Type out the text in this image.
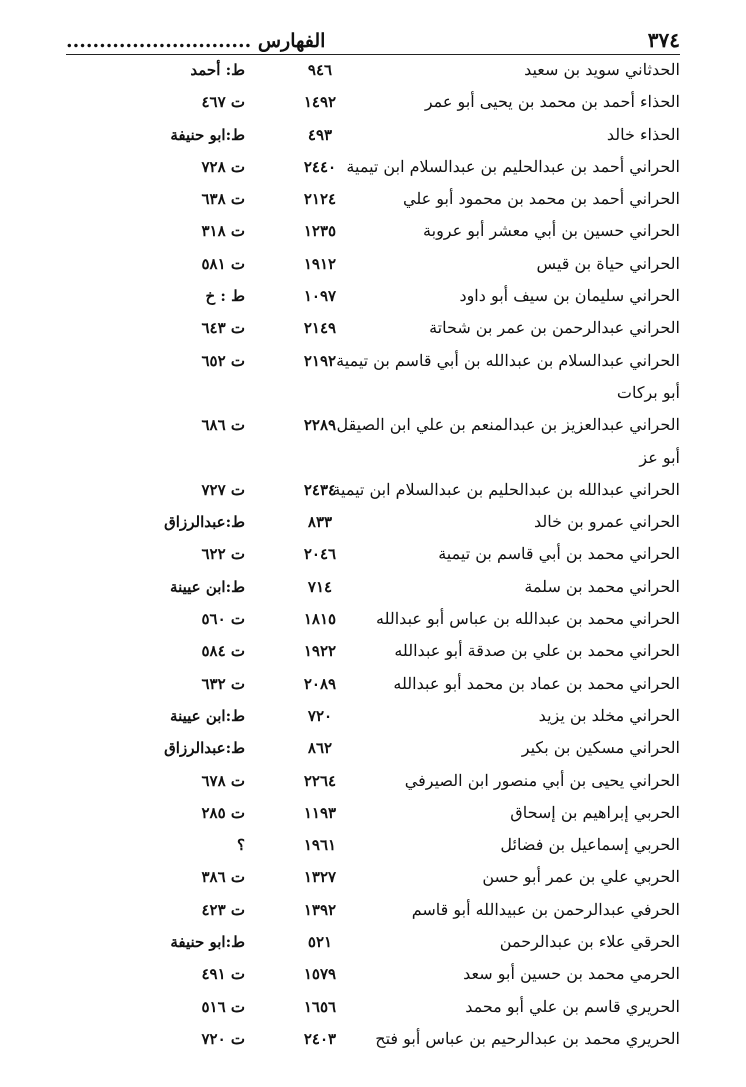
٣٧٤
الفهارس ............................
الحدثاني سويد بن سعيد
٩٤٦
ط: أحمد
الحذاء أحمد بن محمد بن يحيى أبو عمر
١٤٩٢
ت ٤٦٧
الحذاء خالد
٤٩٣
ط:ابو حنيفة
الحراني أحمد بن عبدالحليم بن عبدالسلام ابن تيمية
٢٤٤٠
ت ٧٢٨
الحراني أحمد بن محمد بن محمود أبو علي
٢١٢٤
ت ٦٣٨
الحراني حسين بن أبي معشر أبو عروبة
١٢٣٥
ت ٣١٨
الحراني حياة بن قيس
١٩١٢
ت ٥٨١
الحراني سليمان بن سيف أبو داود
١٠٩٧
ط : خ
الحراني عبدالرحمن بن عمر بن شحاتة
٢١٤٩
ت ٦٤٣
الحراني عبدالسلام بن عبدالله بن أبي قاسم بن تيمية
٢١٩٢
ت ٦٥٢
أبو بركات
الحراني عبدالعزيز بن عبدالمنعم بن علي ابن الصيقل
٢٢٨٩
ت ٦٨٦
أبو عز
الحراني عبدالله بن عبدالحليم بن عبدالسلام ابن تيمية
٢٤٣٤
ت ٧٢٧
الحراني عمرو بن خالد
٨٣٣
ط:عبدالرزاق
الحراني محمد بن أبي قاسم بن تيمية
٢٠٤٦
ت ٦٢٢
الحراني محمد بن سلمة
٧١٤
ط:ابن عيينة
الحراني محمد بن عبدالله بن عباس أبو عبدالله
١٨١٥
ت ٥٦٠
الحراني محمد بن علي بن صدقة أبو عبدالله
١٩٢٢
ت ٥٨٤
الحراني محمد بن عماد بن محمد أبو عبدالله
٢٠٨٩
ت ٦٣٢
الحراني مخلد بن يزيد
٧٢٠
ط:ابن عيينة
الحراني مسكين بن بكير
٨٦٢
ط:عبدالرزاق
الحراني يحيى بن أبي منصور ابن الصيرفي
٢٢٦٤
ت ٦٧٨
الحربي إبراهيم بن إسحاق
١١٩٣
ت ٢٨٥
الحربي إسماعيل بن فضائل
١٩٦١
؟
الحربي علي بن عمر أبو حسن
١٣٢٧
ت ٣٨٦
الحرفي عبدالرحمن بن عبيدالله أبو قاسم
١٣٩٢
ت ٤٢٣
الحرقي علاء بن عبدالرحمن
٥٢١
ط:ابو حنيفة
الحرمي محمد بن حسين أبو سعد
١٥٧٩
ت ٤٩١
الحريري قاسم بن علي أبو محمد
١٦٥٦
ت ٥١٦
الحريري محمد بن عبدالرحيم بن عباس أبو فتح
٢٤٠٣
ت ٧٢٠
